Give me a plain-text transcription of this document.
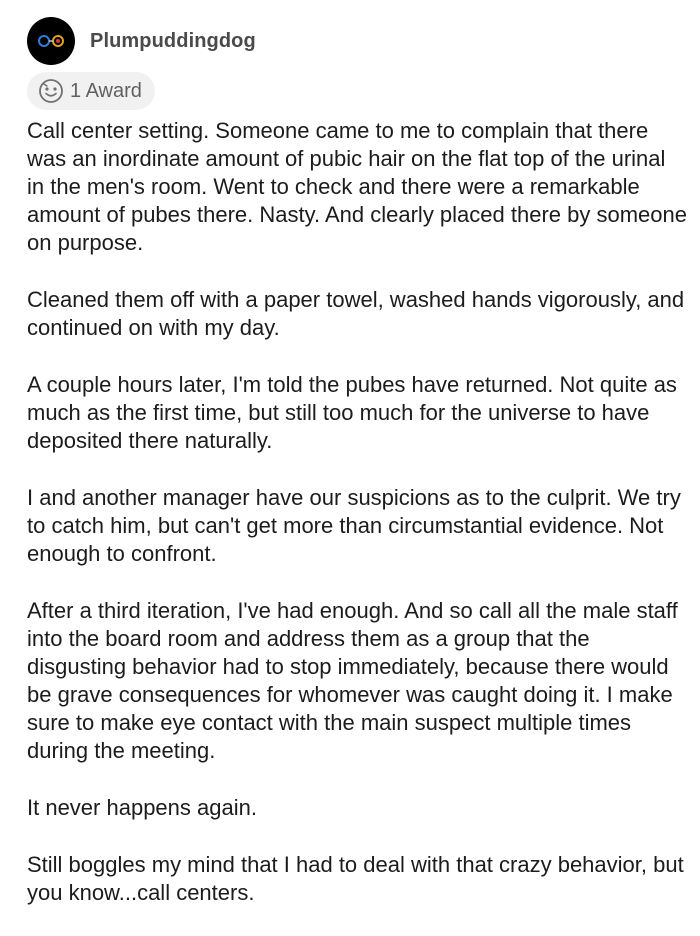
Plumpuddingdog
1 Award

Call center setting. Someone came to me to complain that there was an inordinate amount of pubic hair on the flat top of the urinal in the men's room. Went to check and there were a remarkable amount of pubes there. Nasty. And clearly placed there by someone on purpose.

Cleaned them off with a paper towel, washed hands vigorously, and continued on with my day.

A couple hours later, I'm told the pubes have returned. Not quite as much as the first time, but still too much for the universe to have deposited there naturally.

I and another manager have our suspicions as to the culprit. We try to catch him, but can't get more than circumstantial evidence. Not enough to confront.

After a third iteration, I've had enough. And so call all the male staff into the board room and address them as a group that the disgusting behavior had to stop immediately, because there would be grave consequences for whomever was caught doing it. I make sure to make eye contact with the main suspect multiple times during the meeting.

It never happens again.

Still boggles my mind that I had to deal with that crazy behavior, but you know...call centers.
